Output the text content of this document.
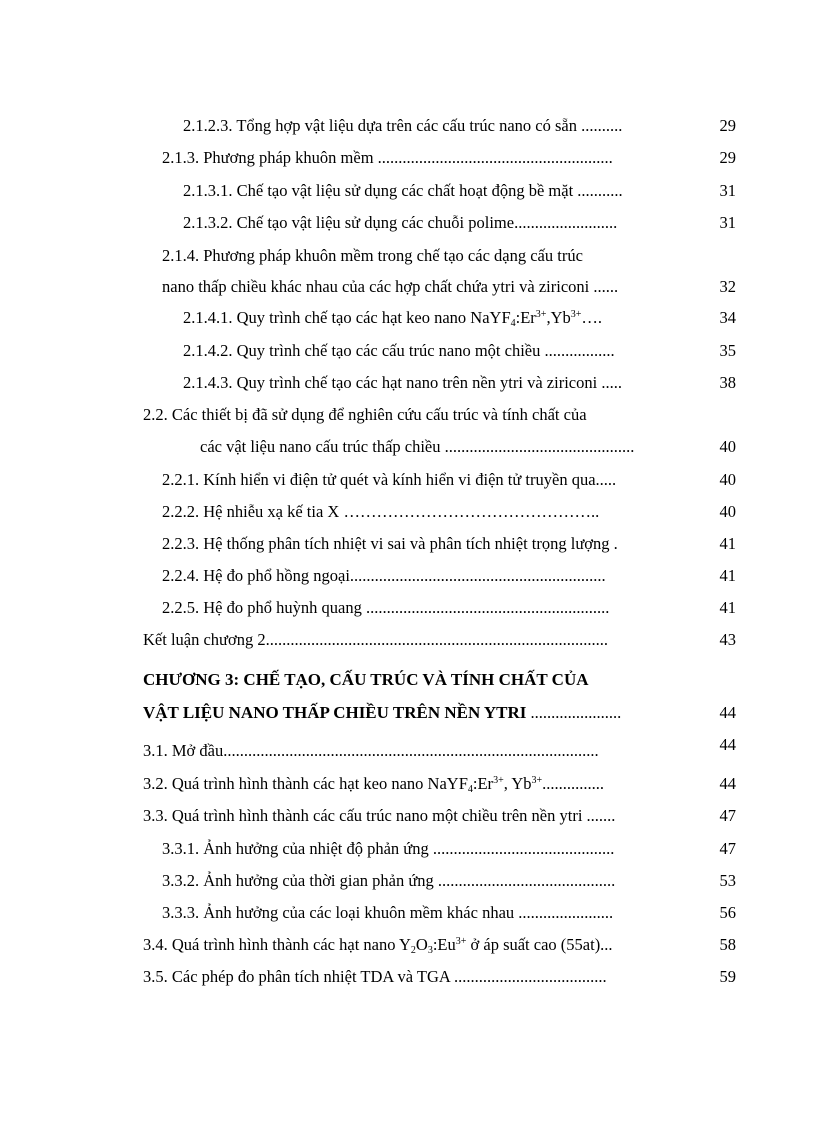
2.1.2.3. Tổng hợp vật liệu dựa trên các cấu trúc nano có sẵn ..........	29
2.1.3. Phương pháp khuôn mềm .........................................................	29
2.1.3.1. Chế tạo vật liệu sử dụng các chất hoạt động bề mặt ...........	31
2.1.3.2. Chế tạo vật liệu sử dụng các chuỗi polime.........................	31
2.1.4. Phương pháp khuôn mềm trong chế tạo các dạng cấu trúc
nano thấp chiều khác nhau của các hợp chất chứa ytri và ziriconi ......	32
2.1.4.1. Quy trình chế tạo các hạt keo nano $NaYF_4:Er^{3+},Yb^{3+}\dots$.	34
2.1.4.2. Quy trình chế tạo các cấu trúc nano một chiều .................	35
2.1.4.3. Quy trình chế tạo các hạt nano trên nền ytri và ziriconi .....	38
2.2. Các thiết bị đã sử dụng để nghiên cứu cấu trúc và tính chất của
các vật liệu nano cấu trúc thấp chiều ..............................................	40
2.2.1. Kính hiển vi điện tử quét và kính hiển vi điện tử truyền qua.....	40
2.2.2. Hệ nhiễu xạ kế tia X ………………………………………..	40
2.2.3. Hệ thống phân tích nhiệt vi sai và phân tích nhiệt trọng lượng .	41
2.2.4. Hệ đo phổ hồng ngoại..............................................................	41
2.2.5. Hệ đo phổ huỳnh quang ...........................................................	41
Kết luận chương 2...................................................................................	43
CHƯƠNG 3: CHẾ TẠO, CẤU TRÚC VÀ TÍNH CHẤT CỦA
VẬT LIỆU NANO THẤP CHIỀU TRÊN NỀN YTRI ......................	44
3.1. Mở đầu...........................................................................................	44
3.2. Quá trình hình thành các hạt keo nano $NaYF_4:Er^{3+}$, $Yb^{3+}$...............	44
3.3. Quá trình hình thành các cấu trúc nano một chiều trên nền ytri .......	47
3.3.1. Ảnh hưởng của nhiệt độ phản ứng ............................................	47
3.3.2. Ảnh hưởng của thời gian phản ứng ...........................................	53
3.3.3. Ảnh hưởng của các loại khuôn mềm khác nhau .......................	56
3.4. Quá trình hình thành các hạt nano $Y_2O_3:Eu^{3+}$ ở áp suất cao (55at)...	58
3.5. Các phép đo phân tích nhiệt TDA và TGA .....................................	59
